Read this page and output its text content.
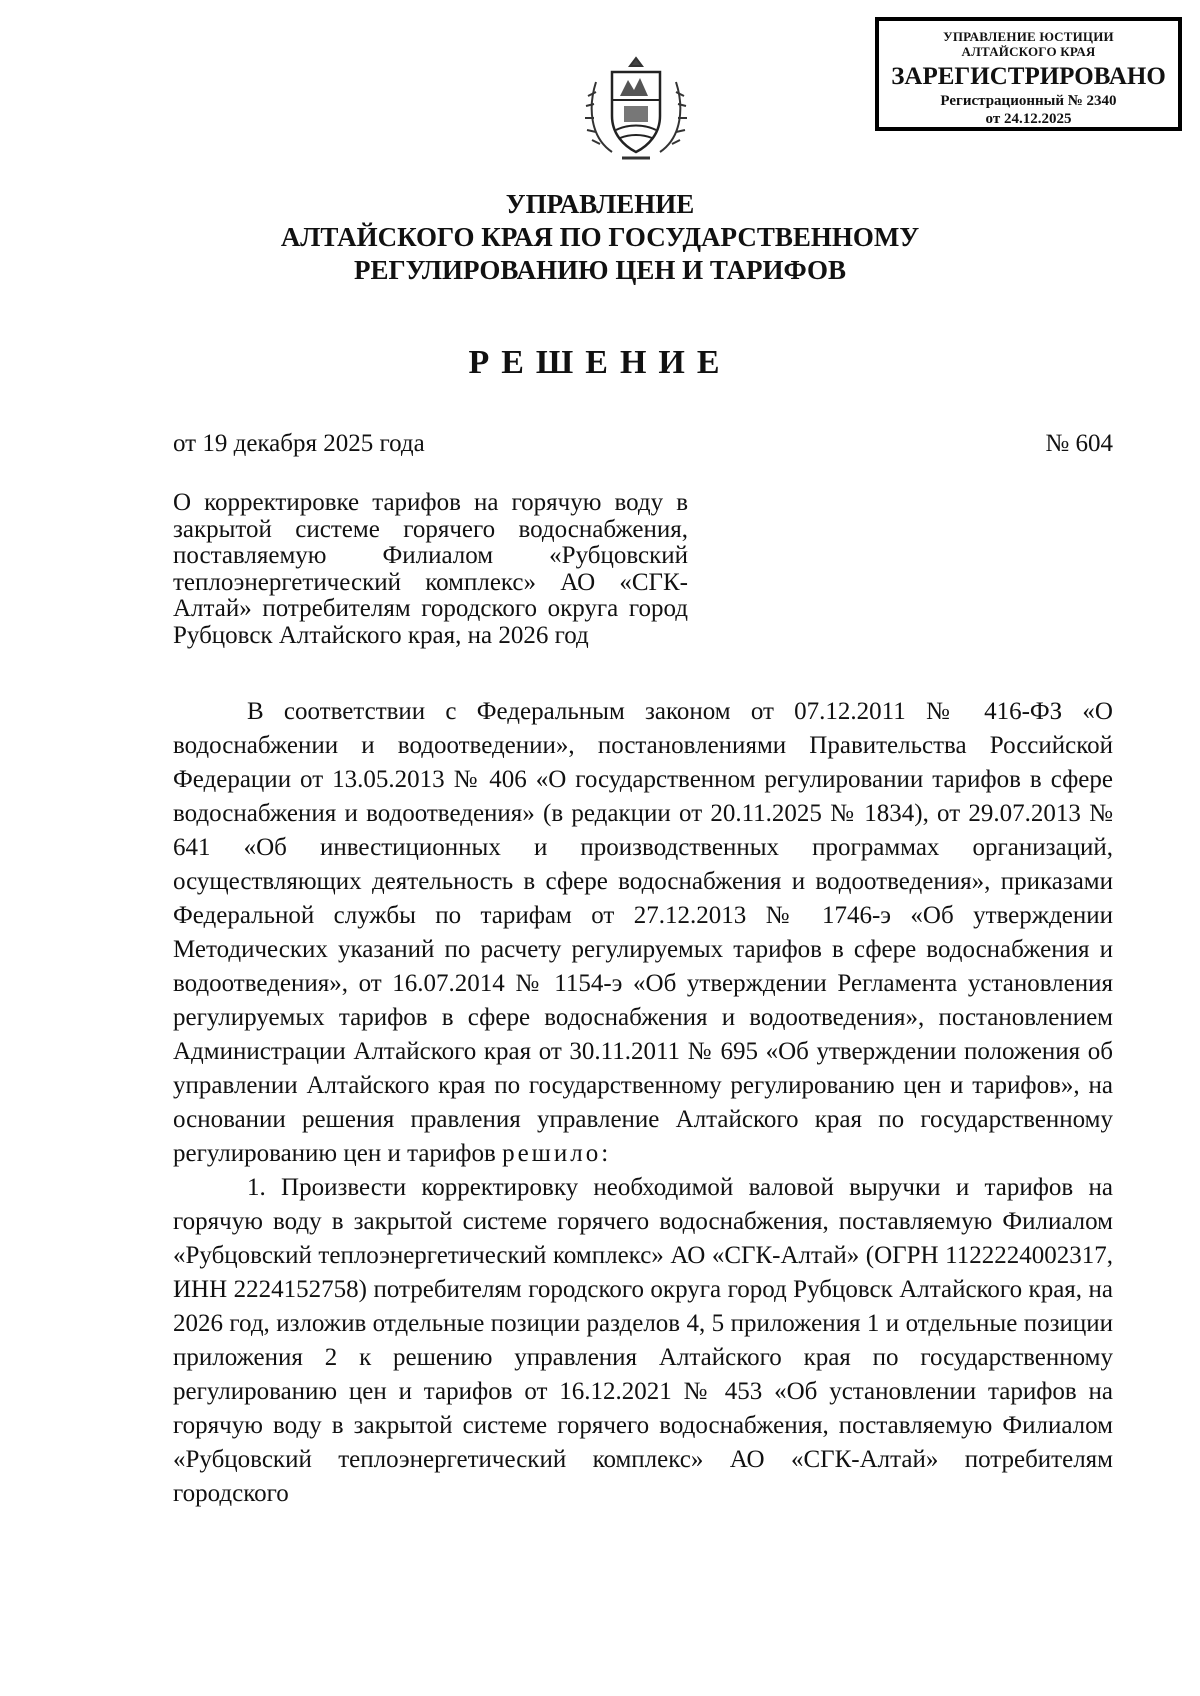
УПРАВЛЕНИЕ ЮСТИЦИИ
АЛТАЙСКОГО КРАЯ
ЗАРЕГИСТРИРОВАНО
Регистрационный № 2340
от 24.12.2025
УПРАВЛЕНИЕ
АЛТАЙСКОГО КРАЯ ПО ГОСУДАРСТВЕННОМУ
РЕГУЛИРОВАНИЮ ЦЕН И ТАРИФОВ
РЕШЕНИЕ
от 19 декабря 2025 года	№ 604
О корректировке тарифов на горячую воду в закрытой системе горячего водоснабжения, поставляемую Филиалом «Рубцовский теплоэнергетический комплекс» АО «СГК-Алтай» потребителям городского округа город Рубцовск Алтайского края, на 2026 год

В соответствии с Федеральным законом от 07.12.2011 № 416-ФЗ «О водоснабжении и водоотведении», постановлениями Правительства Российской Федерации от 13.05.2013 № 406 «О государственном регулировании тарифов в сфере водоснабжения и водоотведения» (в редакции от 20.11.2025 № 1834), от 29.07.2013 № 641 «Об инвестиционных и производственных программах организаций, осуществляющих деятельность в сфере водоснабжения и водоотведения», приказами Федеральной службы по тарифам от 27.12.2013 № 1746-э «Об утверждении Методических указаний по расчету регулируемых тарифов в сфере водоснабжения и водоотведения», от 16.07.2014 № 1154-э «Об утверждении Регламента установления регулируемых тарифов в сфере водоснабжения и водоотведения», постановлением Администрации Алтайского края от 30.11.2011 № 695 «Об утверждении положения об управлении Алтайского края по государственному регулированию цен и тарифов», на основании решения правления управление Алтайского края по государственному регулированию цен и тарифов решило:

1. Произвести корректировку необходимой валовой выручки и тарифов на горячую воду в закрытой системе горячего водоснабжения, поставляемую Филиалом «Рубцовский теплоэнергетический комплекс» АО «СГК-Алтай» (ОГРН 1122224002317, ИНН 2224152758) потребителям городского округа город Рубцовск Алтайского края, на 2026 год, изложив отдельные позиции разделов 4, 5 приложения 1 и отдельные позиции приложения 2 к решению управления Алтайского края по государственному регулированию цен и тарифов от 16.12.2021 № 453 «Об установлении тарифов на горячую воду в закрытой системе горячего водоснабжения, поставляемую Филиалом «Рубцовский теплоэнергетический комплекс» АО «СГК-Алтай» потребителям городского
